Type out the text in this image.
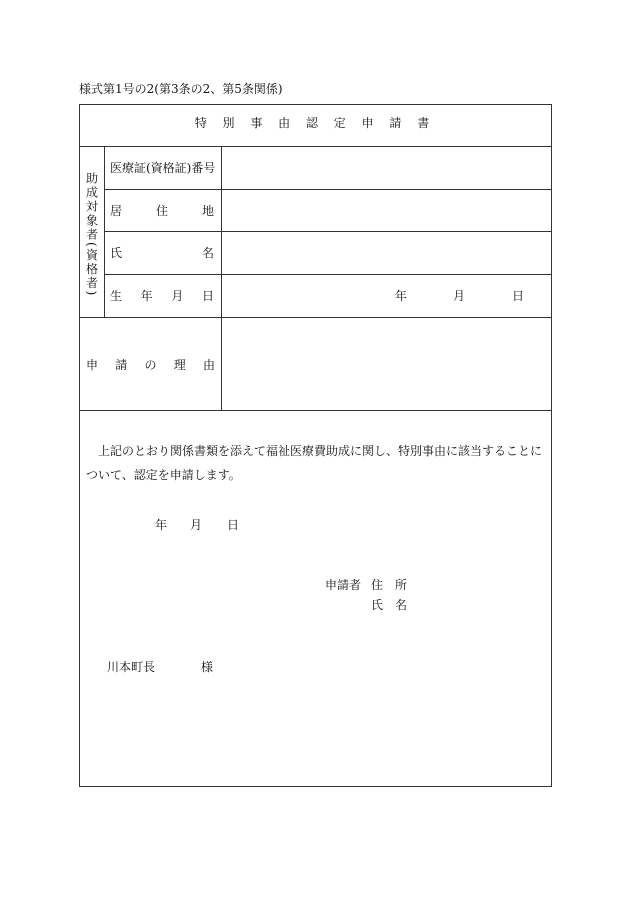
様式第1号の2(第3条の2、第5条関係)
特 別 事 由 認 定 申 請 書
助成対象者(資格者)
医療証(資格証)番号
居	住	地
氏	名
生 年 月 日	年	月	日
申 請 の 理 由
上記のとおり関係書類を添えて福祉医療費助成に関し、特別事由に該当することについて、認定を申請します。
年 月 日
申請者 住 所
氏 名
川本町長	様
